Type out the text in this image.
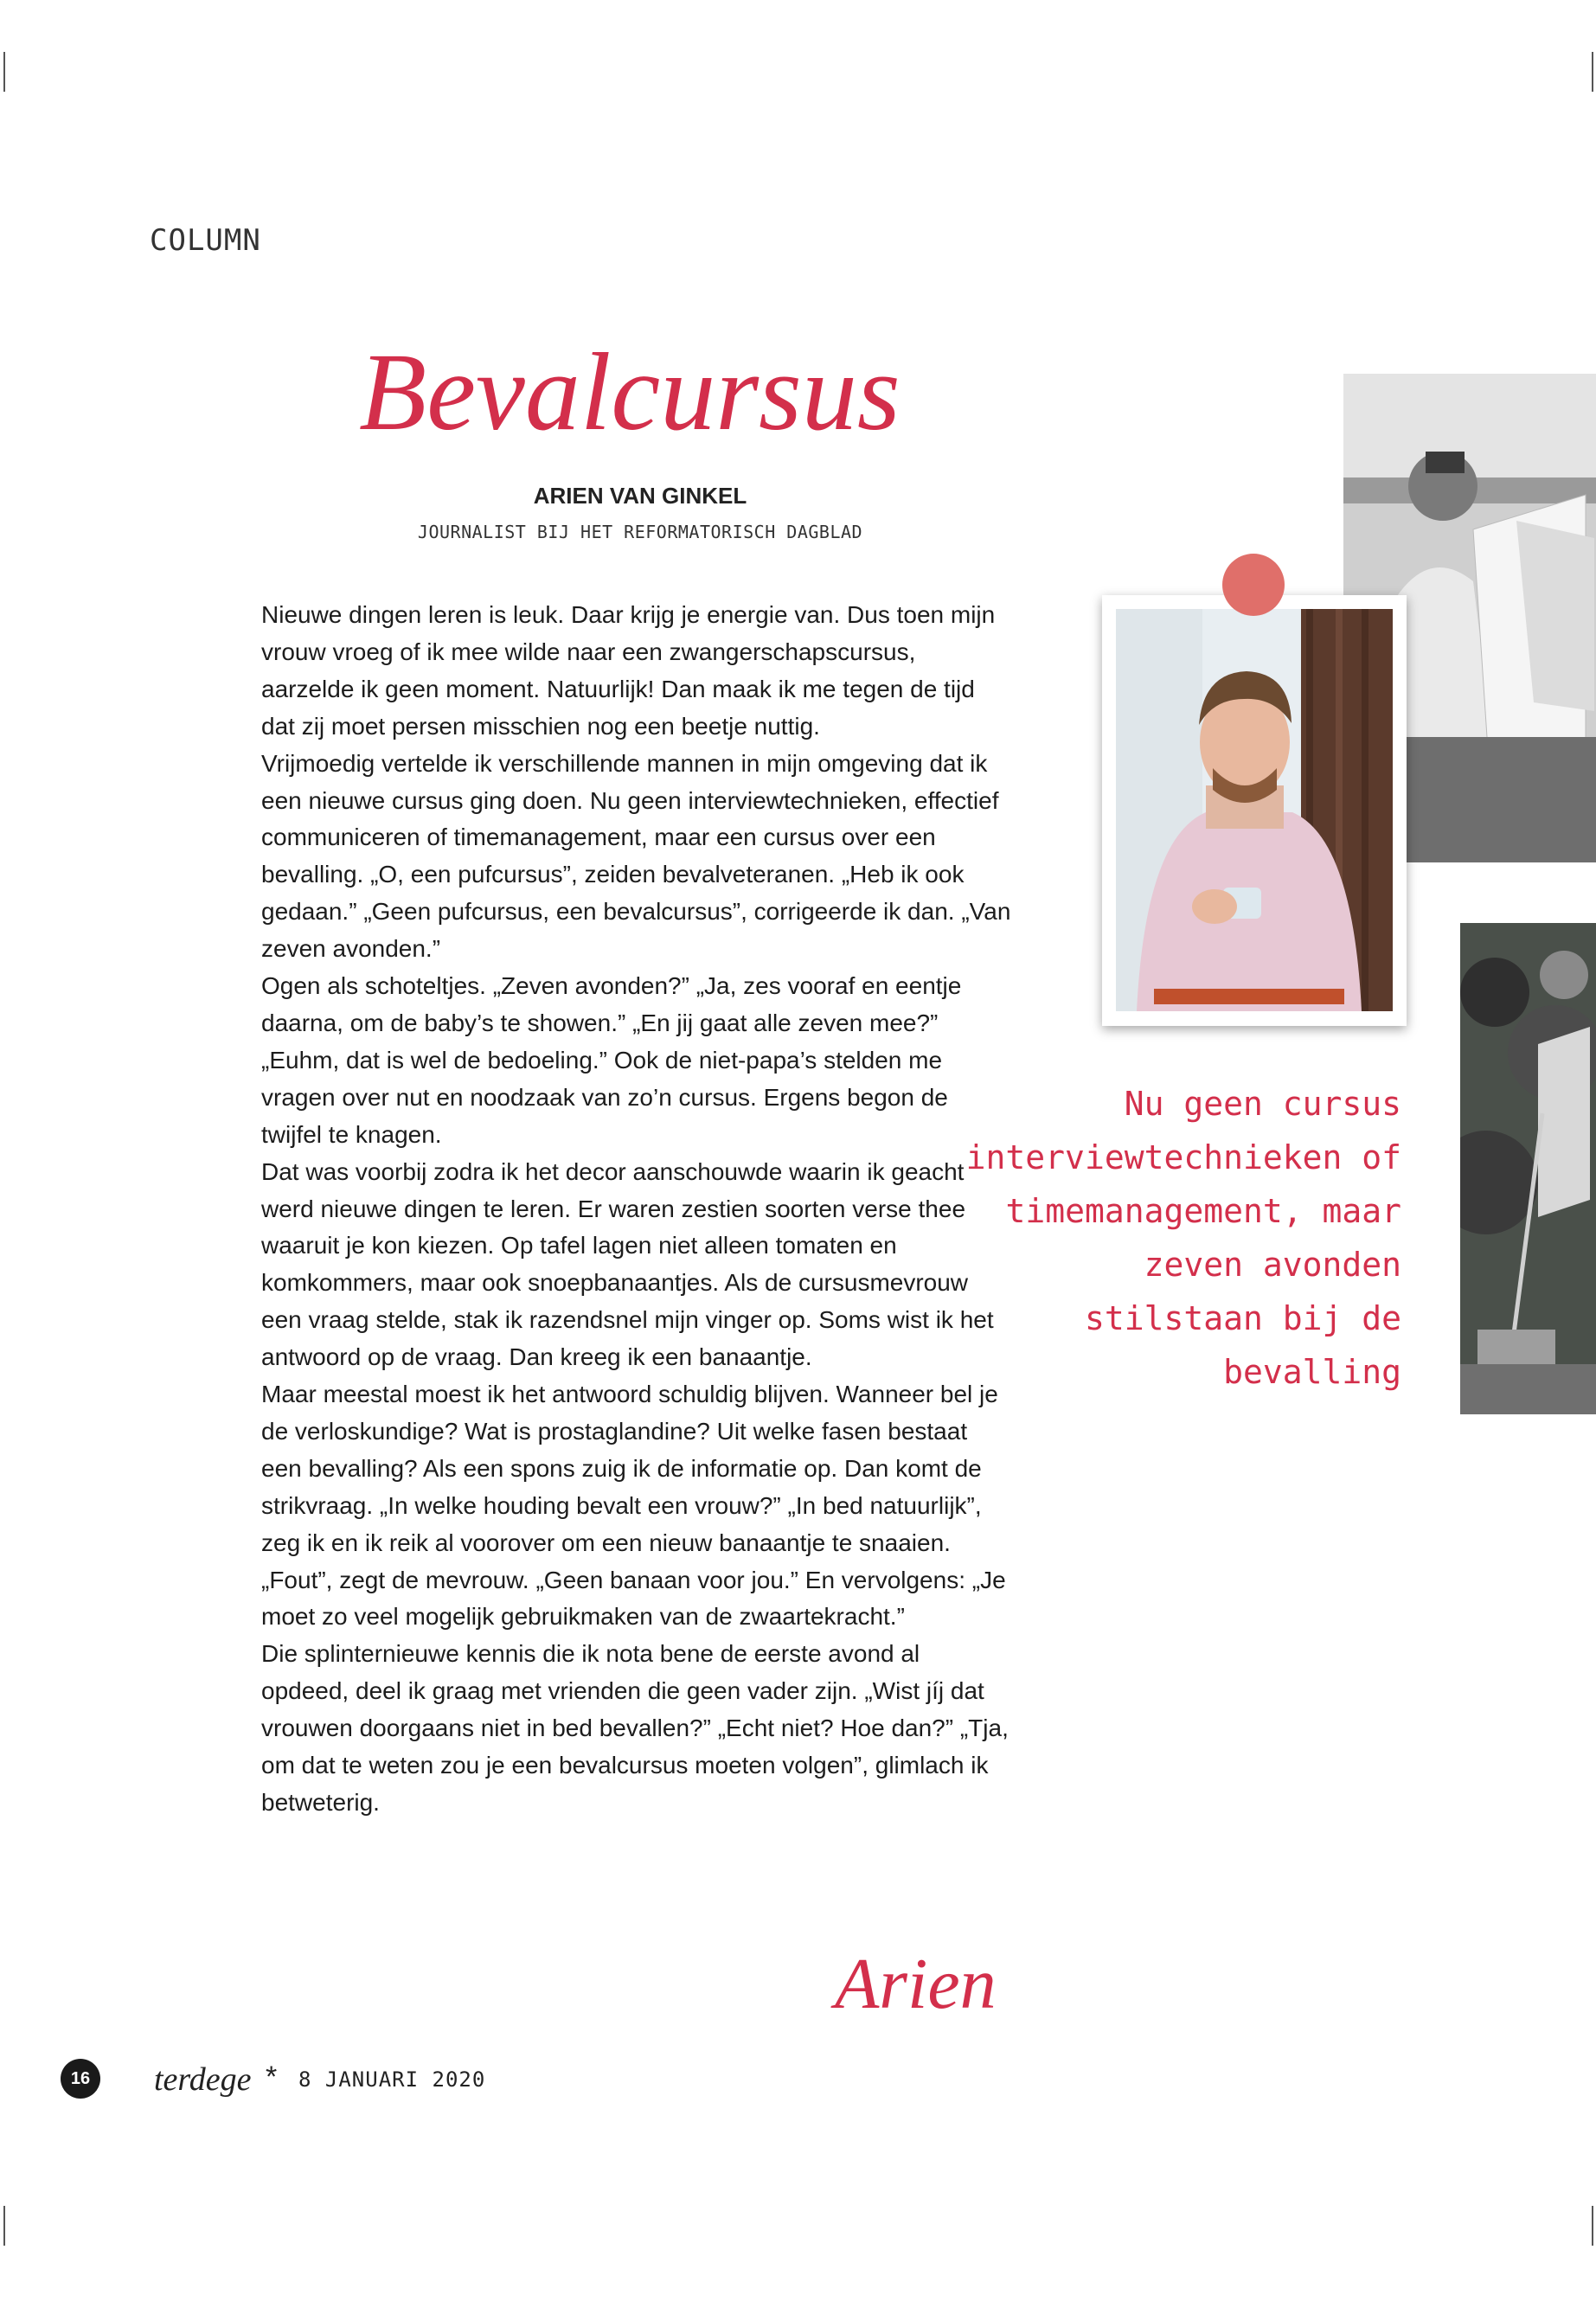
COLUMN
Bevalcursus
ARIEN VAN GINKEL
JOURNALIST BIJ HET REFORMATORISCH DAGBLAD

Nieuwe dingen leren is leuk. Daar krijg je energie van. Dus toen mijn vrouw vroeg of ik mee wilde naar een zwangerschapscursus, aarzelde ik geen moment. Natuurlijk! Dan maak ik me tegen de tijd dat zij moet persen misschien nog een beetje nuttig.

Vrijmoedig vertelde ik verschillende mannen in mijn omgeving dat ik een nieuwe cursus ging doen. Nu geen interviewtechnieken, effectief communiceren of timemanagement, maar een cursus over een bevalling. „O, een pufcursus”, zeiden bevalveteranen. „Heb ik ook gedaan.” „Geen pufcursus, een bevalcursus”, corrigeerde ik dan. „Van zeven avonden.”

Ogen als schoteltjes. „Zeven avonden?” „Ja, zes vooraf en eentje daarna, om de baby’s te showen.” „En jij gaat alle zeven mee?” „Euhm, dat is wel de bedoeling.” Ook de niet-papa’s stelden me vragen over nut en noodzaak van zo’n cursus. Ergens begon de twijfel te knagen.

Dat was voorbij zodra ik het decor aanschouwde waarin ik geacht werd nieuwe dingen te leren. Er waren zestien soorten verse thee waaruit je kon kiezen. Op tafel lagen niet alleen tomaten en komkommers, maar ook snoepbanaantjes. Als de cursusmevrouw een vraag stelde, stak ik razendsnel mijn vinger op. Soms wist ik het antwoord op de vraag. Dan kreeg ik een banaantje.

Maar meestal moest ik het antwoord schuldig blijven. Wanneer bel je de verloskundige? Wat is prostaglandine? Uit welke fasen bestaat een bevalling? Als een spons zuig ik de informatie op. Dan komt de strikvraag. „In welke houding bevalt een vrouw?” „In bed natuurlijk”, zeg ik en ik reik al voorover om een nieuw banaantje te snaaien. „Fout”, zegt de mevrouw. „Geen banaan voor jou.” En vervolgens: „Je moet zo veel mogelijk gebruikmaken van de zwaartekracht.”

Die splinternieuwe kennis die ik nota bene de eerste avond al opdeed, deel ik graag met vrienden die geen vader zijn. „Wist jíj dat vrouwen doorgaans niet in bed bevallen?” „Echt niet? Hoe dan?” „Tja, om dat te weten zou je een bevalcursus moeten volgen”, glimlach ik betweterig.

Nu geen cursus interviewtechnieken of timemanagement, maar zeven avonden stilstaan bij de bevalling
Arien
16	terdege * 8 JANUARI 2020
